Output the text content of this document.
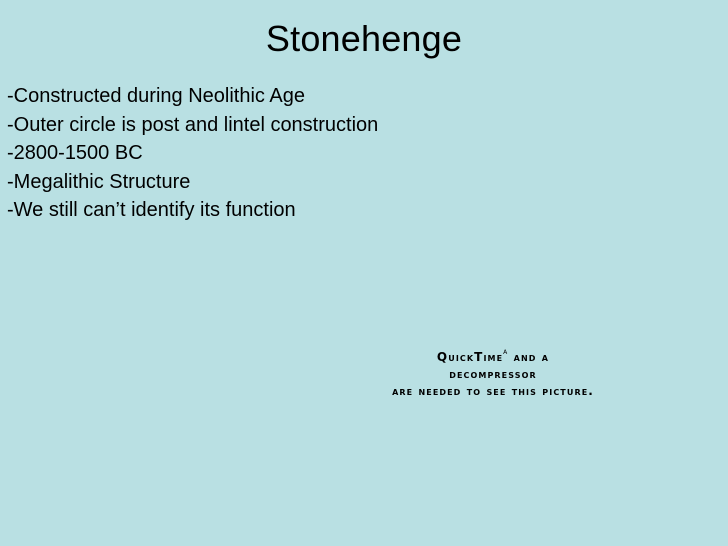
Stonehenge
-Constructed during Neolithic Age
-Outer circle is post and lintel construction
-2800-1500 BC
-Megalithic Structure
-We still can’t identify its function
QuickTime$^a$ and a
decompressor
are needed to see this picture.
